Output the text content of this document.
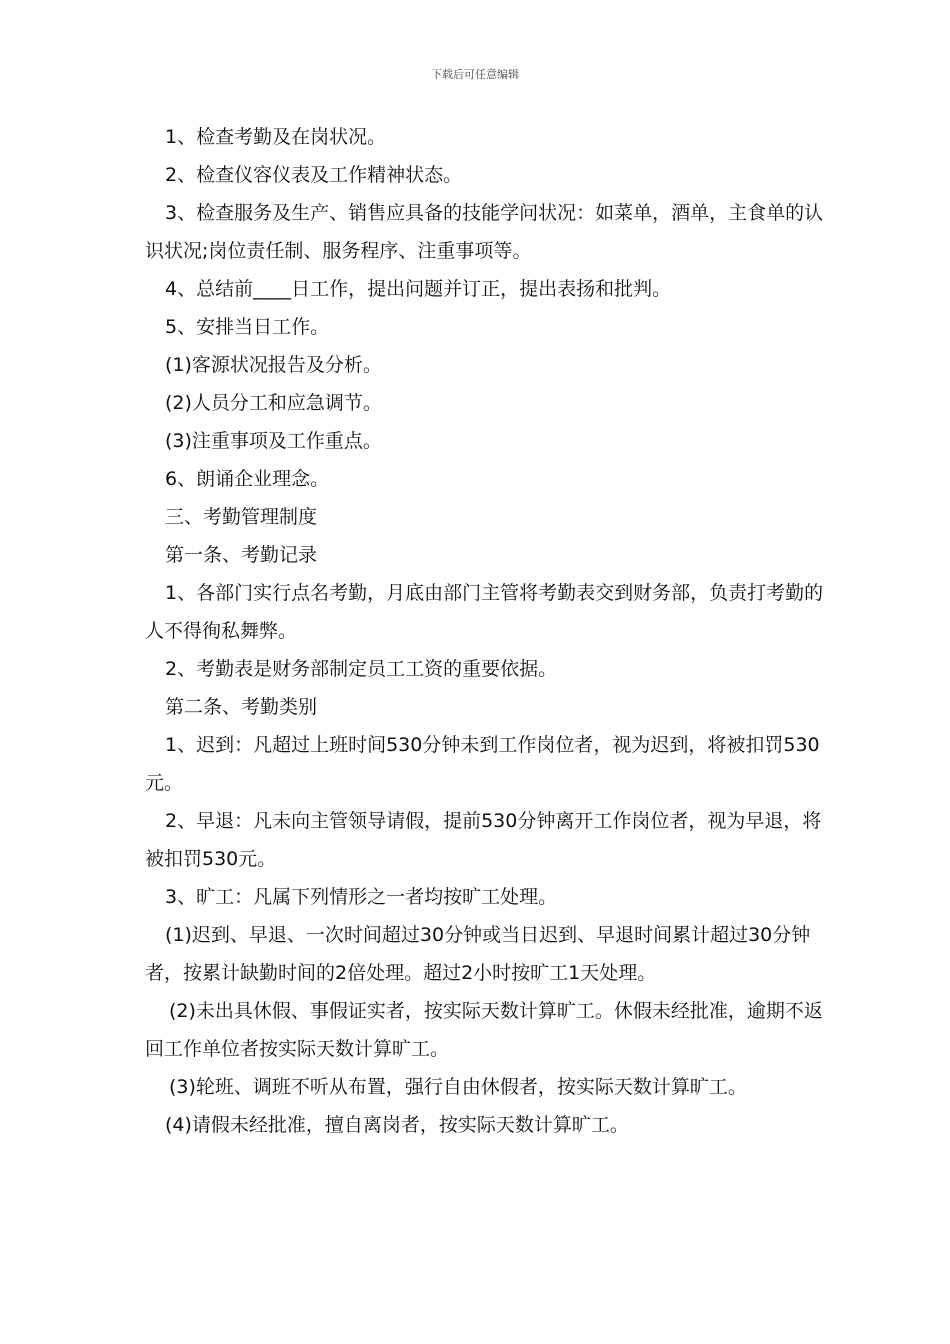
下载后可任意编辑

1、检查考勤及在岗状况。

2、检查仪容仪表及工作精神状态。

3、检查服务及生产、销售应具备的技能学问状况：如菜单，酒单，主食单的认识状况;岗位责任制、服务程序、注重事项等。

4、总结前____日工作，提出问题并订正，提出表扬和批判。

5、安排当日工作。

(1)客源状况报告及分析。

(2)人员分工和应急调节。

(3)注重事项及工作重点。

6、朗诵企业理念。

三、考勤管理制度

第一条、考勤记录

1、各部门实行点名考勤，月底由部门主管将考勤表交到财务部，负责打考勤的人不得徇私舞弊。

2、考勤表是财务部制定员工工资的重要依据。

第二条、考勤类别

1、迟到：凡超过上班时间530分钟未到工作岗位者，视为迟到，将被扣罚530元。

2、早退：凡未向主管领导请假，提前530分钟离开工作岗位者，视为早退，将被扣罚530元。

3、旷工：凡属下列情形之一者均按旷工处理。

(1)迟到、早退、一次时间超过30分钟或当日迟到、早退时间累计超过30分钟者，按累计缺勤时间的2倍处理。超过2小时按旷工1天处理。

(2)未出具休假、事假证实者，按实际天数计算旷工。休假未经批准，逾期不返回工作单位者按实际天数计算旷工。

(3)轮班、调班不听从布置，强行自由休假者，按实际天数计算旷工。

(4)请假未经批准，擅自离岗者，按实际天数计算旷工。
